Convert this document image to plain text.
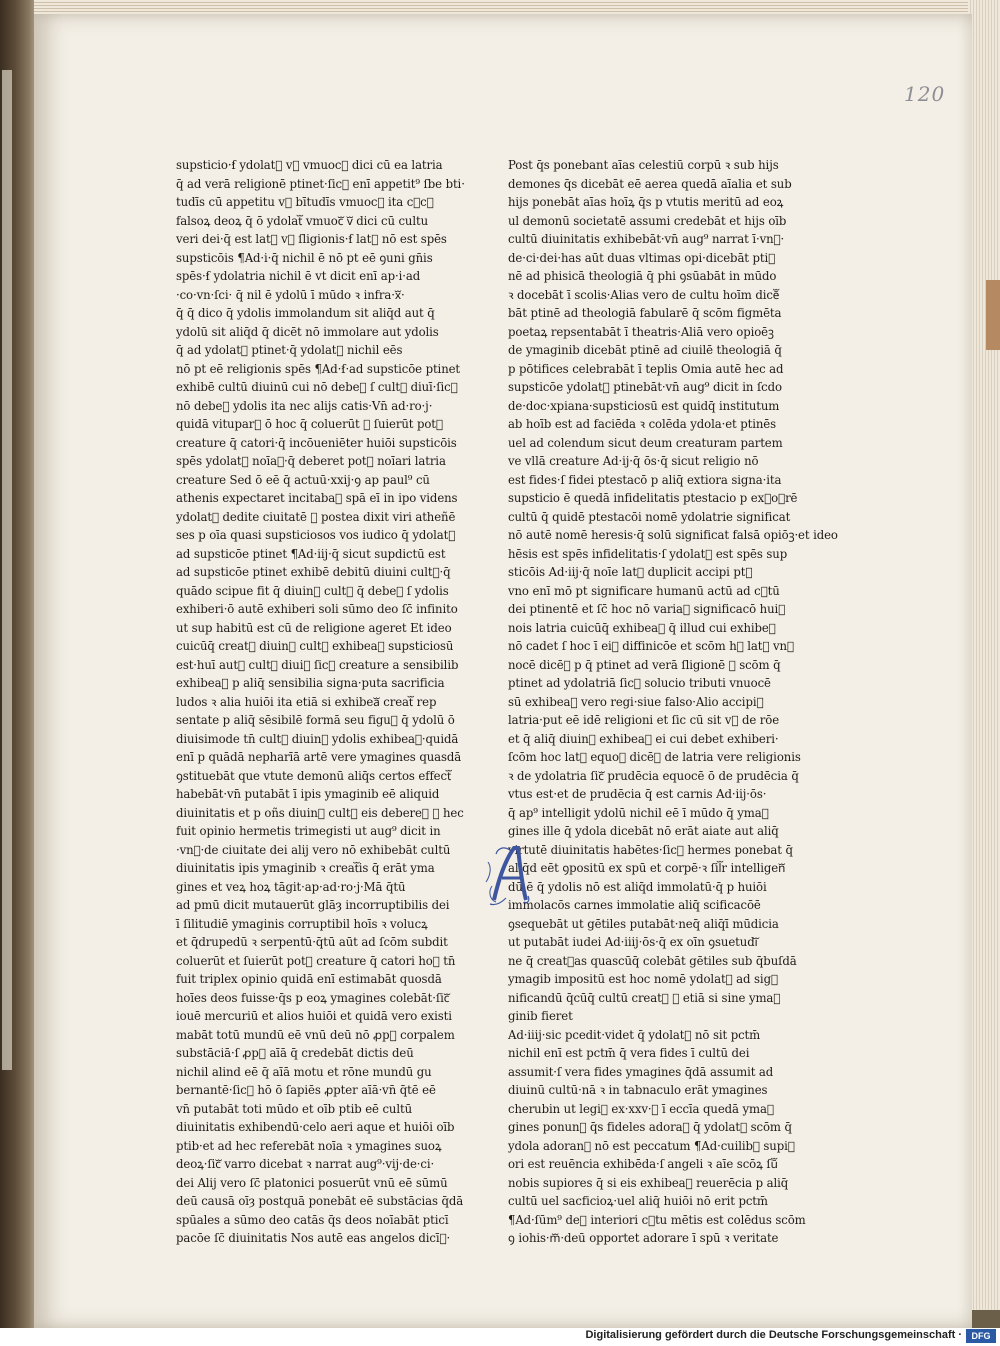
120
supsticio·ẜ ydolatᷓ vᷓ vmuocᷓ dici cū ea latria
q̄ ad verā religionē ptinet·ſicᷓ enī appetit⁹ ſbe bti·
tudīs cū appetitu vᷓ bītudīs vmuocᷓ ita cᷓcᷓ
falsoꝝ deoꝝ q̄ ō ydolatᷓ vmuocᷓ vᷓ dici cū cultu
veri dei·q̄ est latᷓ vᷓ ſligionis·ẜ latᷓ nō est spēs
supsticōis ¶Ad·i·q̄ nichil ē nō pt eē ꝯuni gn̄is
spēs·ẜ ydolatria nichil ē vt dicit enī ap·i·ad
·co·vn·ſci· q̄ nil ē ydolū ī mūdo ꝛ infra·xᷓ·
q̄ q̄ dico q̄ ydolis immolandum sit aliq̄d aut q̄
ydolū sit aliq̄d q̄ dicēt nō immolare aut ydolis
q̄ ad ydolatᷓ ptinet·q̄ ydolatᷓ nichil eēs
nō pt eē religionis spēs ¶Ad·ẜ·ad supsticōe ptinet
exhibē cultū diuinū cui nō debeᷓ ſ cultᷓ diuī·ſicᷓ
nō debeᷓ ydolis ita nec alijs catis·Vn̄ ad·ro·j·
quidā vituparᷓ ō hoc q̄ coluerūt ꝛ ſuierūt potᷓ
creature q̄ catori·q̄ incōueniēter huiōi supsticōis
spēs ydolatᷓ noīaᷓ·q̄ deberet potᷓ noīari latria
creature Sed ō eē q̄ actuū·xxij·ꝯ ap paul⁹ cū
athenis expectaret incitabaᷓ spā eī in ipo videns
ydolatᷓ dedite ciuitatē ꝛ postea dixit viri atheñē
ses p oīa quasi supsticiosos vos iudico q̄ ydolatᷓ
ad supsticōe ptinet ¶Ad·iij·q̄ sicut supdictū est
ad supsticōe ptinet exhibē debitū diuini cultᷓ·q̄
quādo scipue fit q̄ diuinᷓ cultᷓ q̄ debeᷓ ſ ydolis
exhiberi·ō autē exhiberi soli sūmo deo ſc̄ infinito
ut sup habitū est cū de religione ageret Et ideo
cuicūq̄ creatᷓ diuinᷓ cultᷓ exhibeaᷓ supsticiosū
est·huī autᷓ cultᷓ diuiᷓ ſicᷓ creature a sensibilib
exhibeaᷓ p aliq̄ sensibilia signa·puta sacrificia
ludos ꝛ alia huiōi ita etiā si exhibeaᷓ creatᷓ rep
sentate p aliq̄ sēsibilē formā seu figuᷓ q̄ ydolū ō
diuisimode tn̄ cultᷓ diuinᷓ ydolis exhibeaᷓ·quidā
enī p quādā nepharīā artē vere ymagines quasdā
ꝯstituebāt que vtute demonū aliq̄s certos effectᷓ
habebāt·vn̄ putabāt ī ipis ymaginib eē aliquid
diuinitatis et p oñs diuinᷓ cultᷓ eis debereᷓ ꝛ hec
fuit opinio hermetis trimegisti ut aug⁹ dicit in
·vnᷓ·de ciuitate dei alij vero nō exhibebāt cultū
diuinitatis ipis ymaginib ꝛ creatᷓis q̄ erāt yma
gines et veꝝ hoꝝ tāgit·ap·ad·ro·j·Mā q̄tū
ad pmū dicit mutauerūt glāȝ incorruptibilis dei
ī ſilitudiē ymaginis corruptibil hoīs ꝛ volucꝝ
et q̄drupedū ꝛ serpentū·q̄tū aūt ad ſcōm subdit
coluerūt et ſuierūt potᷓ creature q̄ catori hoꝝ tn̄
fuit triplex opinio quidā enī estimabāt quosdā
hoīes deos fuisse·q̄s p eoꝝ ymagines colebāt·ſicᷓ
iouē mercuriū et alios huiōi et quidā vero existi
mabāt totū mundū eē vnū deū nō ꝓpᷓ corpalem
substāciā·ſ ꝓpᷓ aīā q̄ credebāt dictis deū
nichil alind eē q̄ aīā motu et rōne mundū gu
bernantē·ſicᷓ hō ō ſapiēs ꝓpter aīā·vn̄ q̄tē eē
vn̄ putabāt toti mūdo et oīb ptib eē cultū
diuinitatis exhibendū·celo aeri aque et huiōi oīb
ptib·et ad hec referebāt noīa ꝛ ymagines suoꝝ
deoꝝ·ſicᷓ varro dicebat ꝛ narrat aug⁹·vij·de·ci·
dei Alij vero ſc̄ platonici posuerūt vnū eē sūmū
deū causā oīȝ postquā ponebāt eē substācias q̄dā
spūales a sūmo deo catās q̄s deos noīabāt pticī
pacōe ſc̄ diuinitatis Nos autē eas angelos dicīᷓ·
Post q̄s ponebant aīas celestiū corpū ꝛ sub hijs
demones q̄s dicebāt eē aerea quedā aīalia et sub
hijs ponebāt aīas hoīꝝ q̄s p vtutis meritū ad eoꝝ
ul demonū societatē assumi credebāt et hijs oīb
cultū diuinitatis exhibebāt·vn̄ aug⁹ narrat ī·vnᷓ·
de·ci·dei·has aūt duas vltimas opi·dicebāt ptiᷓ
nē ad phisicā theologiā q̄ phi ꝯsūabāt in mūdo
ꝛ docebāt ī scolis·Alias vero de cultu hoīm dicēᷓ
bāt ptinē ad theologiā fabularē q̄ scōm figmēta
poetaꝝ repsentabāt ī theatris·Aliā vero opioēꝫ
de ymaginib dicebāt ptinē ad ciuilē theologiā q̄
p pōtifices celebrabāt ī teplis Omia autē hec ad
supsticōe ydolatᷓ ptinebāt·vn̄ aug⁹ dicit in ſcdo
de·doc·xpiana·supsticiosū est quidq̄ institutum
ab hoīb est ad faciēda ꝛ colēda ydola·et ptinēs
uel ad colendum sicut deum creaturam partem
ve vllā creature Ad·ij·q̄ ōs·q̄ sicut religio nō
est fides·ſ fidei ptestacō p aliq̄ extiora signa·ita
supsticio ē quedā infidelitatis ptestacio p exᷓoᷓrē
cultū q̄ quidē ptestacōi nomē ydolatrie significat
nō autē nomē heresis·q̄ solū significat falsā opiōꝫ·et ideo
hēsis est spēs infidelitatis·ſ ydolatᷓ est spēs sup
sticōis Ad·iij·q̄ noīe latᷓ duplicit accipi ptᷓ
vno enī mō pt significare humanū actū ad cᷓtū
dei ptinentē et ſc̄ hoc nō variaᷓ significacō huiᷓ
nois latria cuicūq̄ exhibeaᷓ q̄ illud cui exhibeᷓ
nō cadet ſ hoc ī eiᷓ diffinicōe et scōm hᷓ latᷓ vnᷓ
nocē dicēᷓ p q̄ ptinet ad verā ſligionē ꝛ scōm q̄
ptinet ad ydolatriā ſicᷓ solucio tributi vnuocē
sū exhibeaᷓ vero regi·siue falso·Alio accipiᷓ
latria·put eē idē religioni et ſic cū sit vᷓ de rōe
et q̄ aliq̄ diuinᷓ exhibeaᷓ ei cui debet exhiberi·
ſcōm hoc latᷓ equoᷓ dicēᷓ de latria vere religionis
ꝛ de ydolatria ſicᷓ prudēcia equocē ō de prudēcia q̄
vtus est·et de prudēcia q̄ est carnis Ad·iij·ōs·
q̄ ap⁹ intelligit ydolū nichil eē ī mūdo q̄ ymaᷓ
gines ille q̄ ydola dicebāt nō erāt aiate aut aliq̄
virtutē diuinitatis habētes·ſicᷓ hermes ponebat q̄
aliq̄d eēt ꝯpositū ex spū et corpē·ꝛ ſilᷓr intelligenᷓ
dū ē q̄ ydolis nō est aliq̄d immolatū·q̄ p huiōi
immolacōs carnes immolatie aliq̄ scificacōē
ꝯsequebāt ut gētiles putabāt·neq̄ aliq̄ī mūdicia
ut putabāt iudei Ad·iiij·ōs·q̄ ex oīn ꝯsuetudiᷓ
ne q̄ creatᷓas quascūq̄ colebāt gētiles sub q̄buſdā
ymagib impositū est hoc nomē ydolatᷓ ad sigᷓ
nificandū q̄cūq̄ cultū creatᷓ ꝛ etiā si sine ymaᷓ
ginib fieret
Ad·iiij·sic pcedit·videt q̄ ydolatᷓ nō sit pctm̄
nichil enī est pctm̄ q̄ vera fides ī cultū dei
assumit·ſ vera fides ymagines q̄dā assumit ad
diuinū cultū·nā ꝛ in tabnaculo erāt ymagines
cherubin ut legiᷓ ex·xxv·ꝛ ī eccīa quedā ymaᷓ
gines ponunᷓ q̄s fideles adoraᷓ q̄ ydolatᷓ scōm q̄
ydola adoranᷓ nō est peccatum ¶Ad·cuilibꝫ supiᷓ
ori est reuēncia exhibēda·ſ angeli ꝛ aīe scōꝝ ſūᷓ
nobis supiores q̄ si eis exhibeaᷓ reuerēcia p aliq̄
cultū uel sacficioꝝ·uel aliq̄ huiōi nō erit pctm̄
¶Ad·ſūm⁹ deᷓ interiori cᷓtu mētis est colēdus scōm
ꝯ iohis·mᷓ·deū opportet adorare ī spū ꝛ veritate
Digitalisierung gefördert durch die Deutsche Forschungsgemeinschaft ·	DFG
